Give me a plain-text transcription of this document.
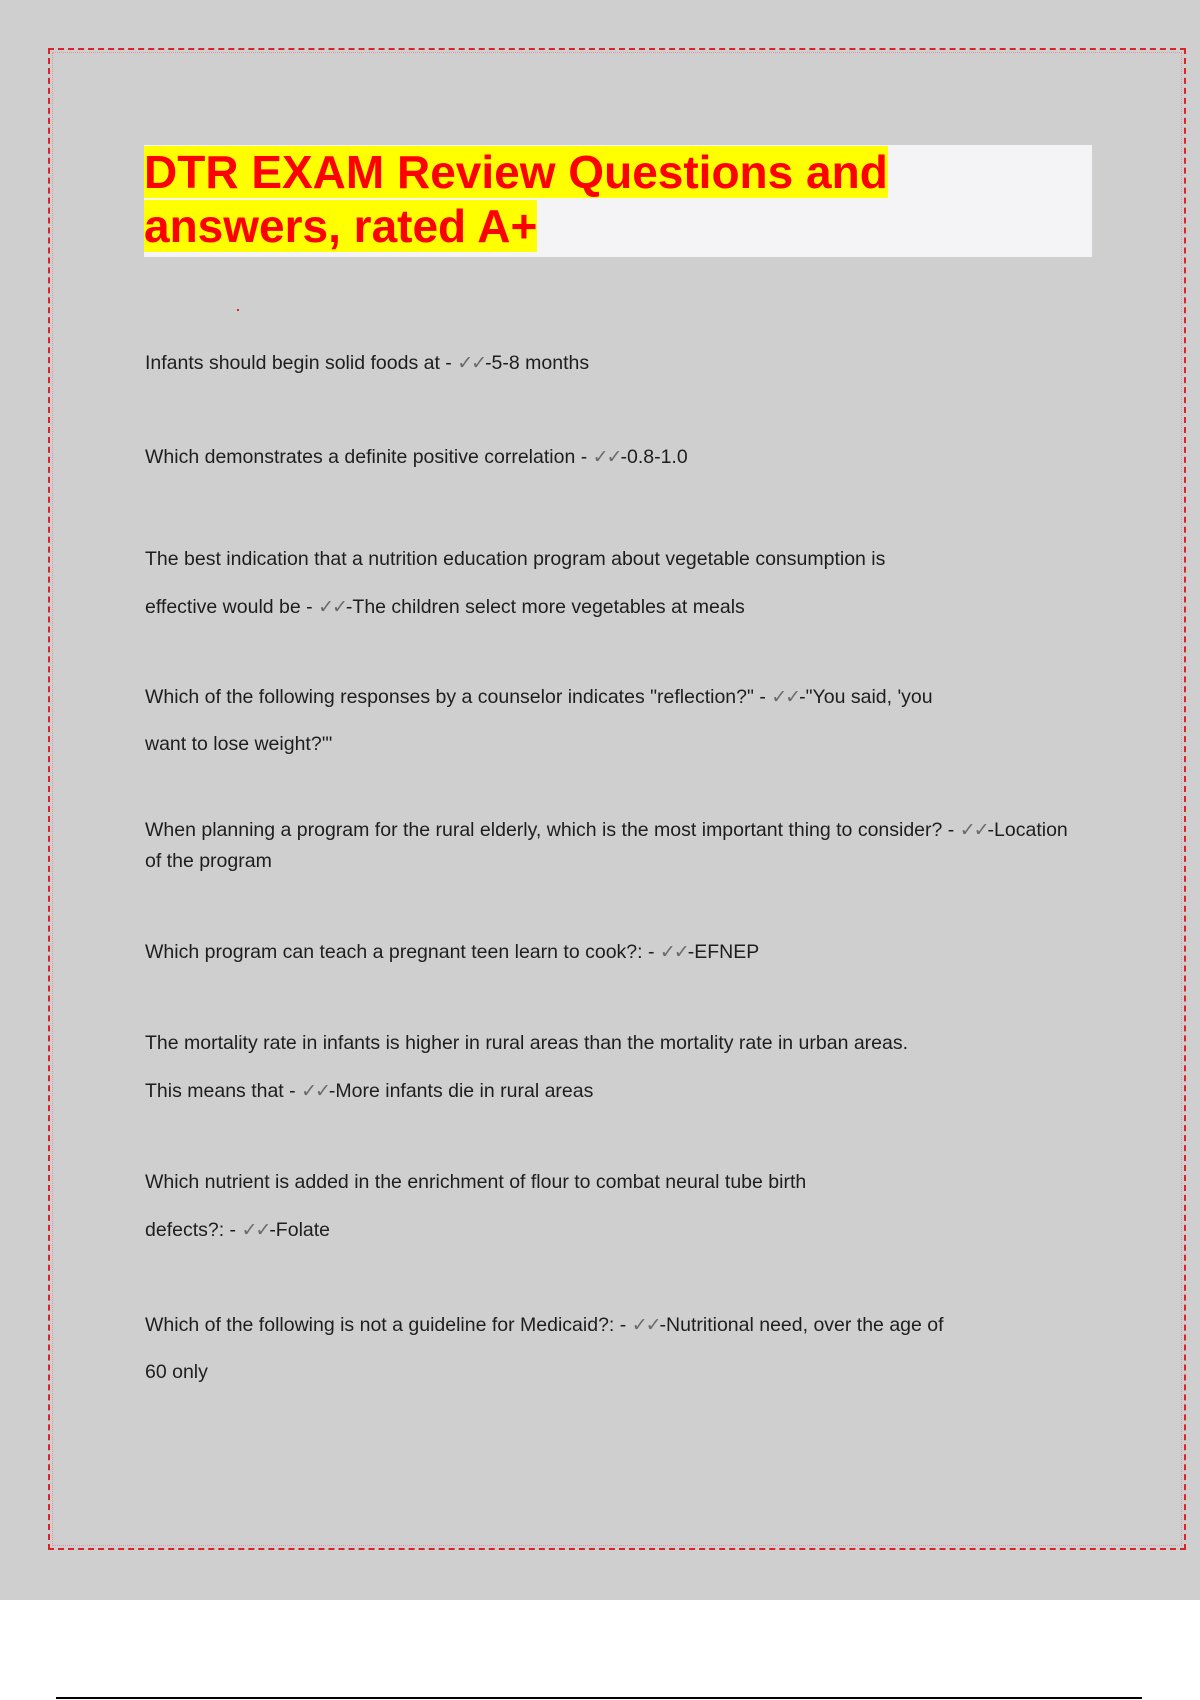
DTR EXAM Review Questions and answers, rated A+

Infants should begin solid foods at - ✓✓-5-8 months

Which demonstrates a definite positive correlation - ✓✓-0.8-1.0

The best indication that a nutrition education program about vegetable consumption is effective would be - ✓✓-The children select more vegetables at meals

Which of the following responses by a counselor indicates "reflection?" - ✓✓-"You said, 'you want to lose weight?'"

When planning a program for the rural elderly, which is the most important thing to consider? - ✓✓-Location of the program

Which program can teach a pregnant teen learn to cook?: - ✓✓-EFNEP

The mortality rate in infants is higher in rural areas than the mortality rate in urban areas. This means that - ✓✓-More infants die in rural areas

Which nutrient is added in the enrichment of flour to combat neural tube birth defects?: - ✓✓-Folate

Which of the following is not a guideline for Medicaid?: - ✓✓-Nutritional need, over the age of 60 only
